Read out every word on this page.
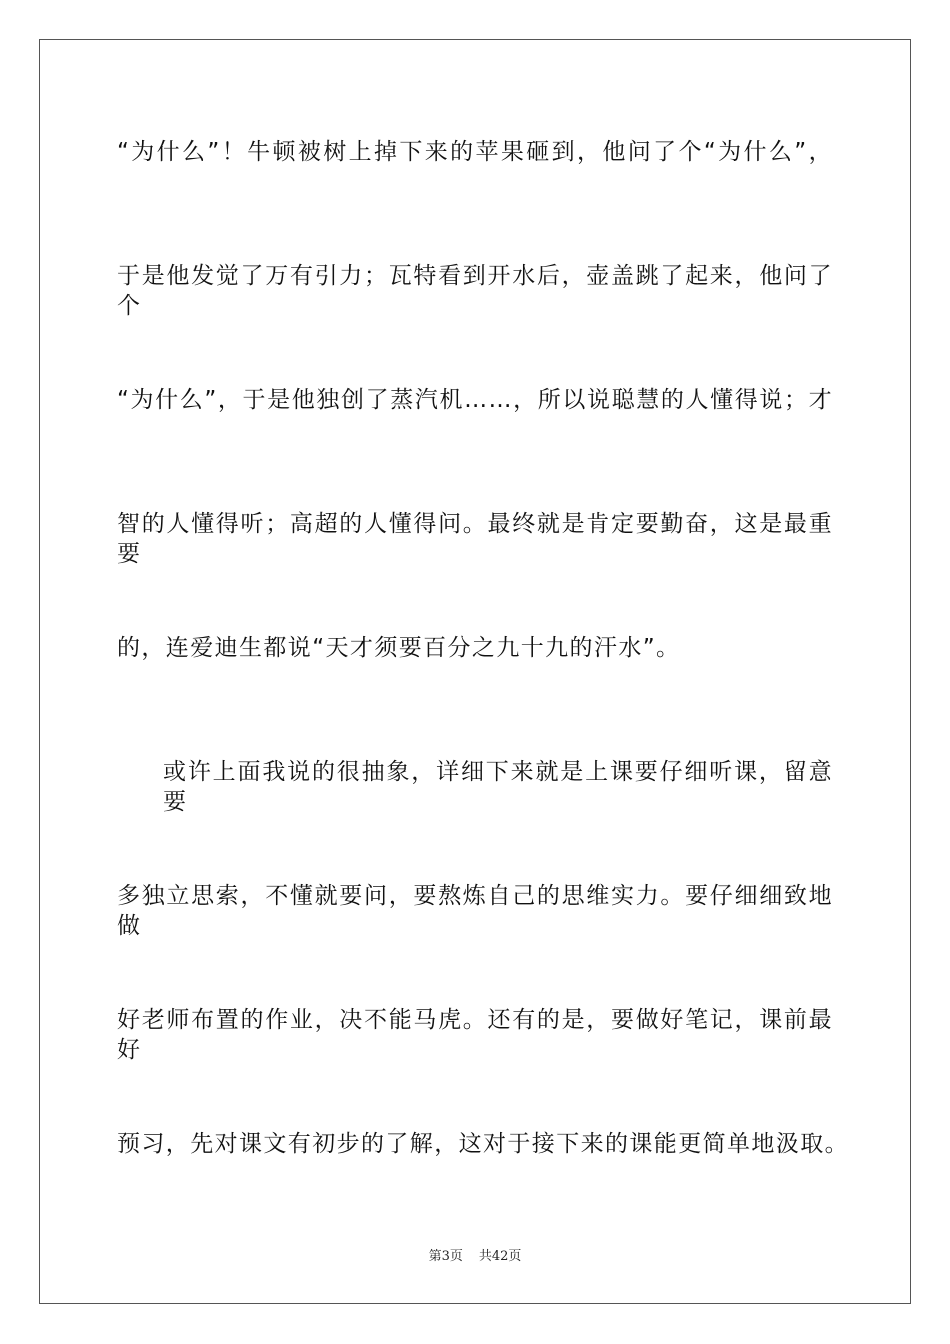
“为什么”！牛顿被树上掉下来的苹果砸到，他问了个“为什么”，
于是他发觉了万有引力；瓦特看到开水后，壶盖跳了起来，他问了个
“为什么”，于是他独创了蒸汽机……，所以说聪慧的人懂得说；才
智的人懂得听；高超的人懂得问。最终就是肯定要勤奋，这是最重要
的，连爱迪生都说“天才须要百分之九十九的汗水”。
或许上面我说的很抽象，详细下来就是上课要仔细听课，留意要
多独立思索，不懂就要问，要熬炼自己的思维实力。要仔细细致地做
好老师布置的作业，决不能马虎。还有的是，要做好笔记，课前最好
预习，先对课文有初步的了解，这对于接下来的课能更简单地汲取。
第3页 共42页
